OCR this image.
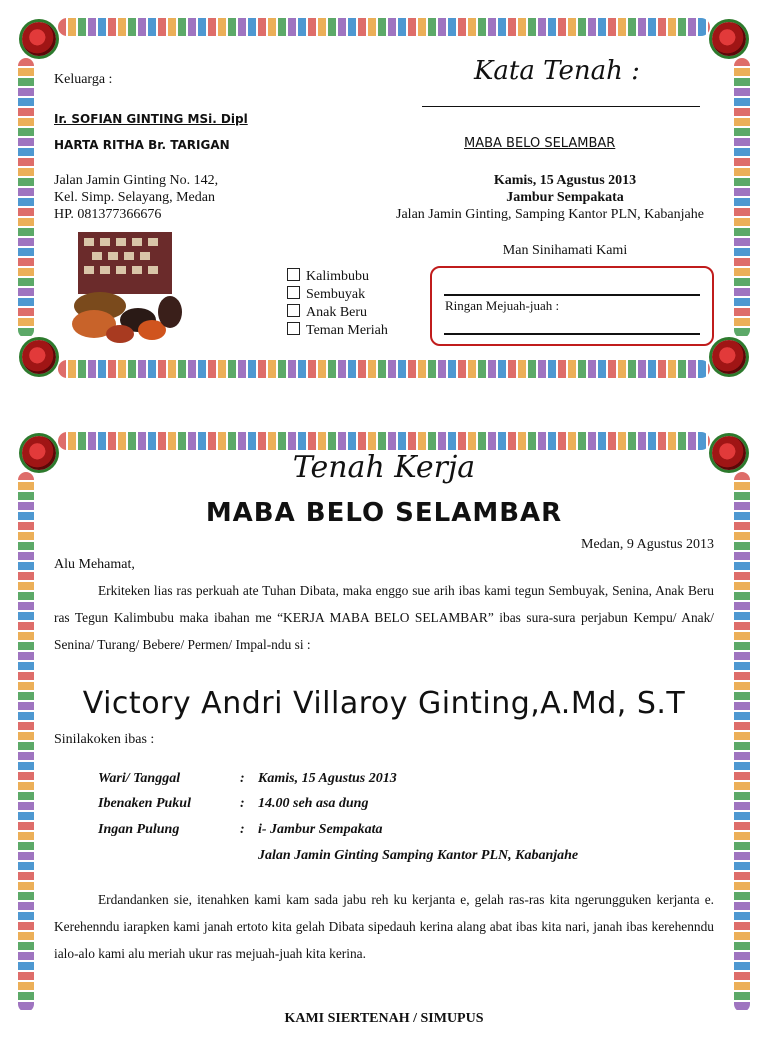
Keluarga :	Kata Tenah :
Ir. SOFIAN GINTING MSi. Dipl
HARTA RITHA Br. TARIGAN	MABA BELO SELAMBAR
Jalan Jamin Ginting No. 142,
Kel. Simp. Selayang, Medan
HP. 081377366676
Kamis, 15 Agustus 2013
Jambur Sempakata
Jalan Jamin Ginting, Samping Kantor PLN, Kabanjahe
Man Sinihamati Kami
Kalimbubu
Sembuyak
Anak Beru
Teman Meriah
Ringan Mejuah-juah :
Tenah Kerja
MABA BELO SELAMBAR
Medan, 9 Agustus 2013
Alu Mehamat,

Erkiteken lias ras perkuah ate Tuhan Dibata, maka enggo sue arih ibas kami tegun Sembuyak, Senina, Anak Beru ras Tegun Kalimbubu maka ibahan me “KERJA MABA BELO SELAMBAR” ibas sura-sura perjabun Kempu/ Anak/ Senina/ Turang/ Bebere/ Permen/ Impal-ndu si :

Victory Andri Villaroy Ginting,A.Md, S.T
Sinilakoken ibas :
Wari/ Tanggal	: Kamis, 15 Agustus 2013
Ibenaken Pukul	: 14.00 seh asa dung
Ingan Pulung	: i- Jambur Sempakata
Jalan Jamin Ginting Samping Kantor PLN, Kabanjahe

Erdandanken sie, itenahken kami kam sada jabu reh ku kerjanta e, gelah ras-ras kita ngerungguken kerjanta e. Kerehenndu iarapken kami janah ertoto kita gelah Dibata sipedauh kerina alang abat ibas kita nari, janah ibas kerehenndu ialo-alo kami alu meriah ukur ras mejuah-juah kita kerina.

KAMI SIERTENAH / SIMUPUS
